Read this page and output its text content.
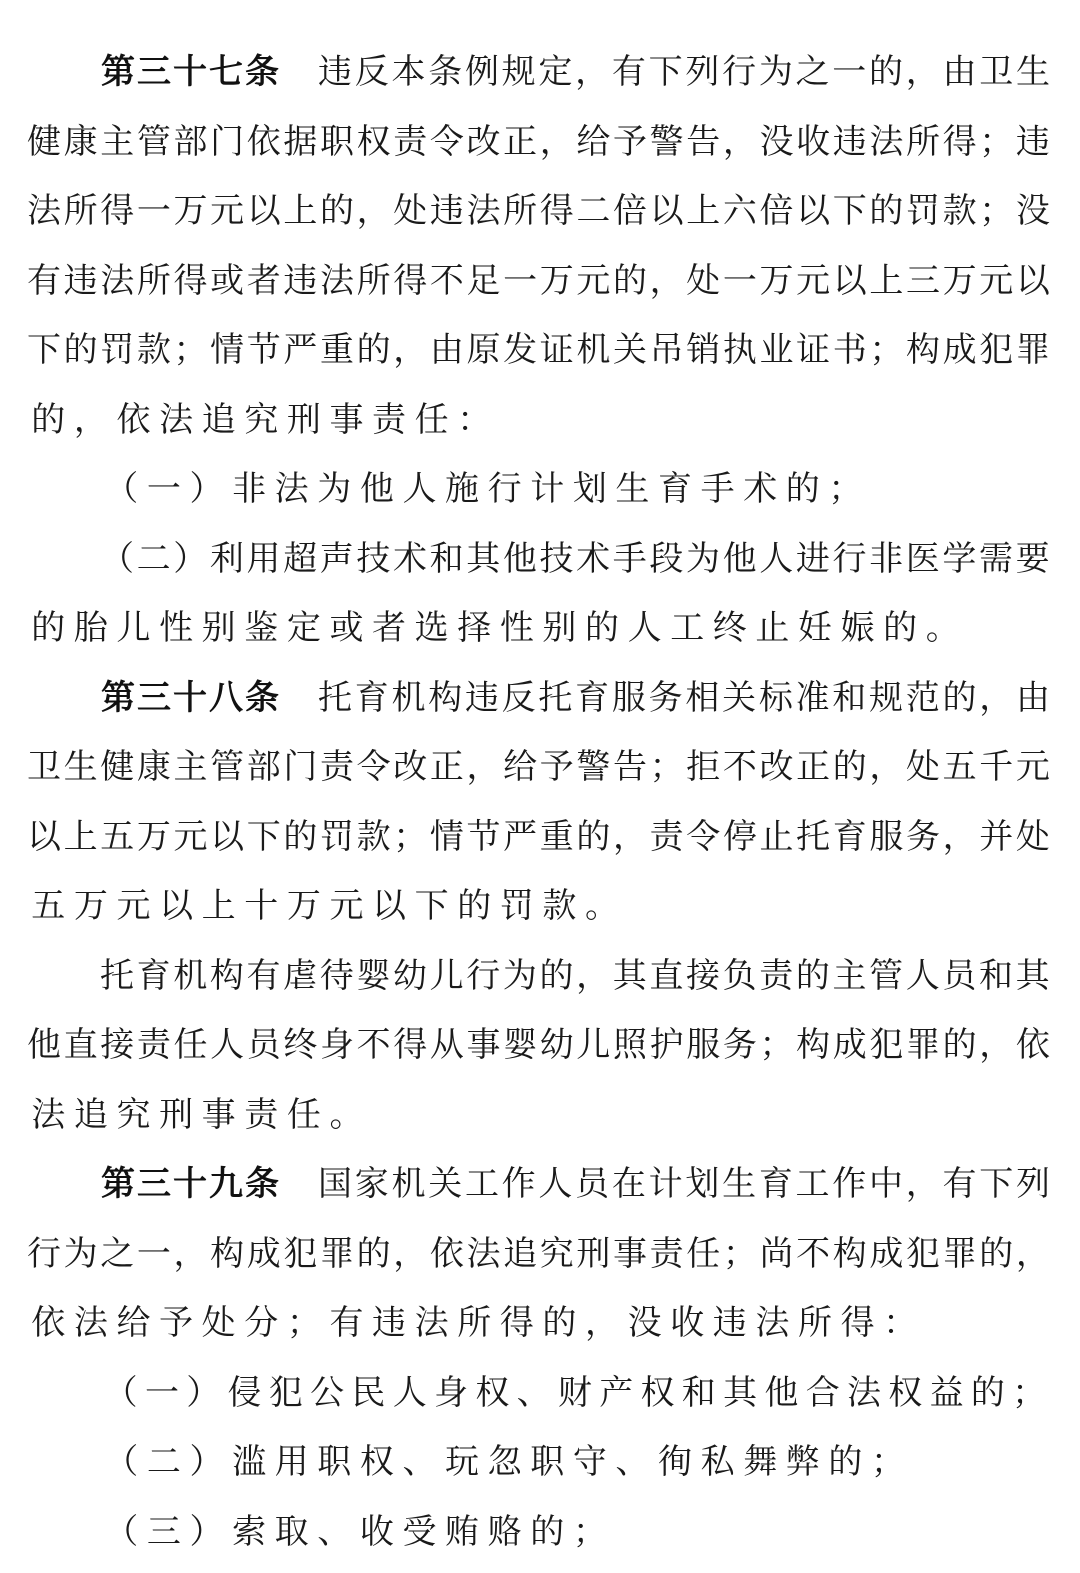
第 三 十 七 条 违 反 本 条 例 规 定 ， 有 下 列 行 为 之 一 的 ， 由 卫 生
健 康 主 管 部 门 依 据 职 权 责 令 改 正 ， 给 予 警 告 ， 没 收 违 法 所 得 ； 违
法 所 得 一 万 元 以 上 的 ， 处 违 法 所 得 二 倍 以 上 六 倍 以 下 的 罚 款 ； 没
有 违 法 所 得 或 者 违 法 所 得 不 足 一 万 元 的 ， 处 一 万 元 以 上 三 万 元 以
下 的 罚 款 ； 情 节 严 重 的 ， 由 原 发 证 机 关 吊 销 执 业 证 书 ； 构 成 犯 罪
的 ， 依 法 追 究 刑 事 责 任 ：
（ 一 ） 非 法 为 他 人 施 行 计 划 生 育 手 术 的 ；
（ 二 ） 利 用 超 声 技 术 和 其 他 技 术 手 段 为 他 人 进 行 非 医 学 需 要
的 胎 儿 性 别 鉴 定 或 者 选 择 性 别 的 人 工 终 止 妊 娠 的 。
第 三 十 八 条 托 育 机 构 违 反 托 育 服 务 相 关 标 准 和 规 范 的 ， 由
卫 生 健 康 主 管 部 门 责 令 改 正 ， 给 予 警 告 ； 拒 不 改 正 的 ， 处 五 千 元
以 上 五 万 元 以 下 的 罚 款 ； 情 节 严 重 的 ， 责 令 停 止 托 育 服 务 ， 并 处
五 万 元 以 上 十 万 元 以 下 的 罚 款 。
托 育 机 构 有 虐 待 婴 幼 儿 行 为 的 ， 其 直 接 负 责 的 主 管 人 员 和 其
他 直 接 责 任 人 员 终 身 不 得 从 事 婴 幼 儿 照 护 服 务 ； 构 成 犯 罪 的 ， 依
法 追 究 刑 事 责 任 。
第 三 十 九 条 国 家 机 关 工 作 人 员 在 计 划 生 育 工 作 中 ， 有 下 列
行 为 之 一 ， 构 成 犯 罪 的 ， 依 法 追 究 刑 事 责 任 ； 尚 不 构 成 犯 罪 的 ，
依 法 给 予 处 分 ； 有 违 法 所 得 的 ， 没 收 违 法 所 得 ：
（ 一 ） 侵 犯 公 民 人 身 权 、 财 产 权 和 其 他 合 法 权 益 的 ；
（ 二 ） 滥 用 职 权 、 玩 忽 职 守 、 徇 私 舞 弊 的 ；
（ 三 ） 索 取 、 收 受 贿 赂 的 ；
